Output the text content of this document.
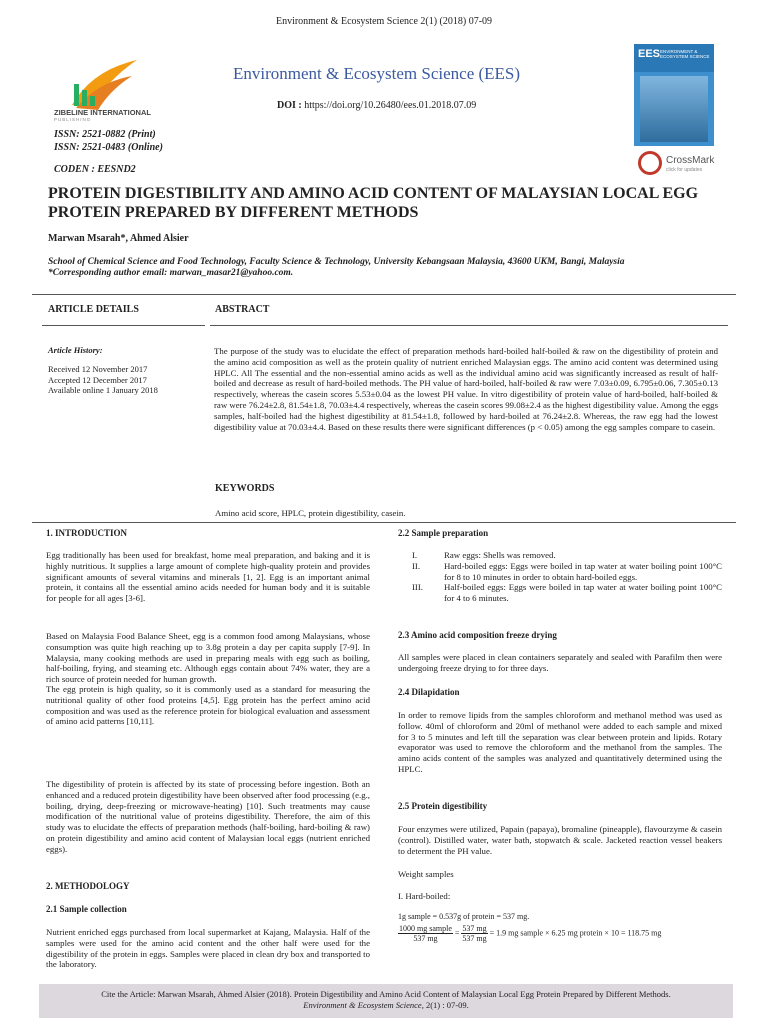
Environment & Ecosystem Science 2(1) (2018) 07-09
ZIBELINE INTERNATIONAL
PUBLISHING
Environment & Ecosystem Science (EES)
DOI : https://doi.org/10.26480/ees.01.2018.07.09
ISSN: 2521-0882 (Print)
ISSN: 2521-0483 (Online)
CODEN : EESND2
EES ENVIRONMENT & ECOSYSTEM SCIENCE
CrossMark
click for updates
PROTEIN DIGESTIBILITY AND AMINO ACID CONTENT OF MALAYSIAN LOCAL EGG PROTEIN PREPARED BY DIFFERENT METHODS
Marwan Msarah*, Ahmed Alsier
School of Chemical Science and Food Technology, Faculty Science & Technology, University Kebangsaan Malaysia, 43600 UKM, Bangi, Malaysia
*Corresponding author email: marwan_masar21@yahoo.com.
ARTICLE DETAILS
Article History:
Received 12 November 2017
Accepted 12 December 2017
Available online 1 January 2018
ABSTRACT
The purpose of the study was to elucidate the effect of preparation methods hard-boiled half-boiled & raw on the digestibility of protein and the amino acid composition as well as the protein quality of nutrient enriched Malaysian eggs. The amino acid content was determined using HPLC. All The essential and the non-essential amino acids as well as the individual amino acid was significantly increased as result of half-boiled and decrease as result of hard-boiled methods. The PH value of hard-boiled, half-boiled & raw were 7.03±0.09, 6.795±0.06, 7.305±0.13 respectively, whereas the casein scores 5.53±0.04 as the lowest PH value. In vitro digestibility of protein value of hard-boiled, half-boiled & raw were 76.24±2.8, 81.54±1.8, 70.03±4.4 respectively, whereas the casein scores 99.08±2.4 as the highest digestibility value. Among the eggs samples, half-boiled had the highest digestibility at 81.54±1.8, followed by hard-boiled at 76.24±2.8. Whereas, the raw egg had the lowest digestibility value at 70.03±4.4. Based on these results there were significant differences (p < 0.05) among the egg samples compare to casein.
KEYWORDS
Amino acid score, HPLC, protein digestibility, casein.
1. INTRODUCTION
Egg traditionally has been used for breakfast, home meal preparation, and baking and it is highly nutritious. It supplies a large amount of complete high-quality protein and provides significant amounts of several vitamins and minerals [1, 2]. Egg is an important animal protein, it contains all the essential amino acids needed for human body and it is suitable for people for all ages [3-6].
Based on Malaysia Food Balance Sheet, egg is a common food among Malaysians, whose consumption was quite high reaching up to 3.8g protein a day per capita supply [7-9]. In Malaysia, many cooking methods are used in preparing meals with egg such as boiling, half-boiling, frying, and steaming etc. Although eggs contain about 74% water, they are a rich source of protein needed for human growth.
The egg protein is high quality, so it is commonly used as a standard for measuring the nutritional quality of other food proteins [4,5]. Egg protein has the perfect amino acid composition and was used as the reference protein for biological evaluation and assessment of amino acid patterns [10,11].
The digestibility of protein is affected by its state of processing before ingestion. Both an enhanced and a reduced protein digestibility have been observed after food processing (e.g., boiling, drying, deep-freezing or microwave-heating) [10]. Such treatments may cause modification of the nutritional value of proteins digestibility. Therefore, the aim of this study was to elucidate the effects of preparation methods (half-boiling, hard-boiling & raw) on protein digestibility and amino acid content of Malaysian local eggs (nutrient enriched eggs).
2. METHODOLOGY
2.1 Sample collection
Nutrient enriched eggs purchased from local supermarket at Kajang, Malaysia. Half of the samples were used for the amino acid content and the other half were used for the digestibility of the protein in eggs. Samples were placed in clean dry box and transported to the laboratory.
2.2 Sample preparation
I.	Raw eggs: Shells was removed.
II.	Hard-boiled eggs: Eggs were boiled in tap water at water boiling point 100°C for 8 to 10 minutes in order to obtain hard-boiled eggs.
III. Half-boiled eggs: Eggs were boiled in tap water at water boiling point 100°C for 4 to 6 minutes.
2.3 Amino acid composition freeze drying
All samples were placed in clean containers separately and sealed with Parafilm then were undergoing freeze drying to for three days.
2.4 Dilapidation
In order to remove lipids from the samples chloroform and methanol method was used as follow. 40ml of chloroform and 20ml of methanol were added to each sample and mixed for 3 to 5 minutes and left till the separation was clear between protein and lipids. Rotary evaporator was used to remove the chloroform and the methanol from the samples. The amino acids content of the samples was analyzed and quantitatively determined using the HPLC.
2.5 Protein digestibility
Four enzymes were utilized, Papain (papaya), bromaline (pineapple), flavourzyme & casein (control). Distilled water, water bath, stopwatch & scale. Jacketed reaction vessel beakers to determent the PH value.
Weight samples
I. Hard-boiled:
1g sample = 0.537g of protein = 537 mg.
$\frac{\text{1000 mg sample}}{537 mg} = \frac{537 mg}{537 mg} = 1.9$ mg sample × 6.25 mg protein × 10 = 118.75 mg
Cite the Article: Marwan Msarah, Ahmed Alsier (2018). Protein Digestibility and Amino Acid Content of Malaysian Local Egg Protein Prepared by Different Methods.
Environment & Ecosystem Science, 2(1) : 07-09.
